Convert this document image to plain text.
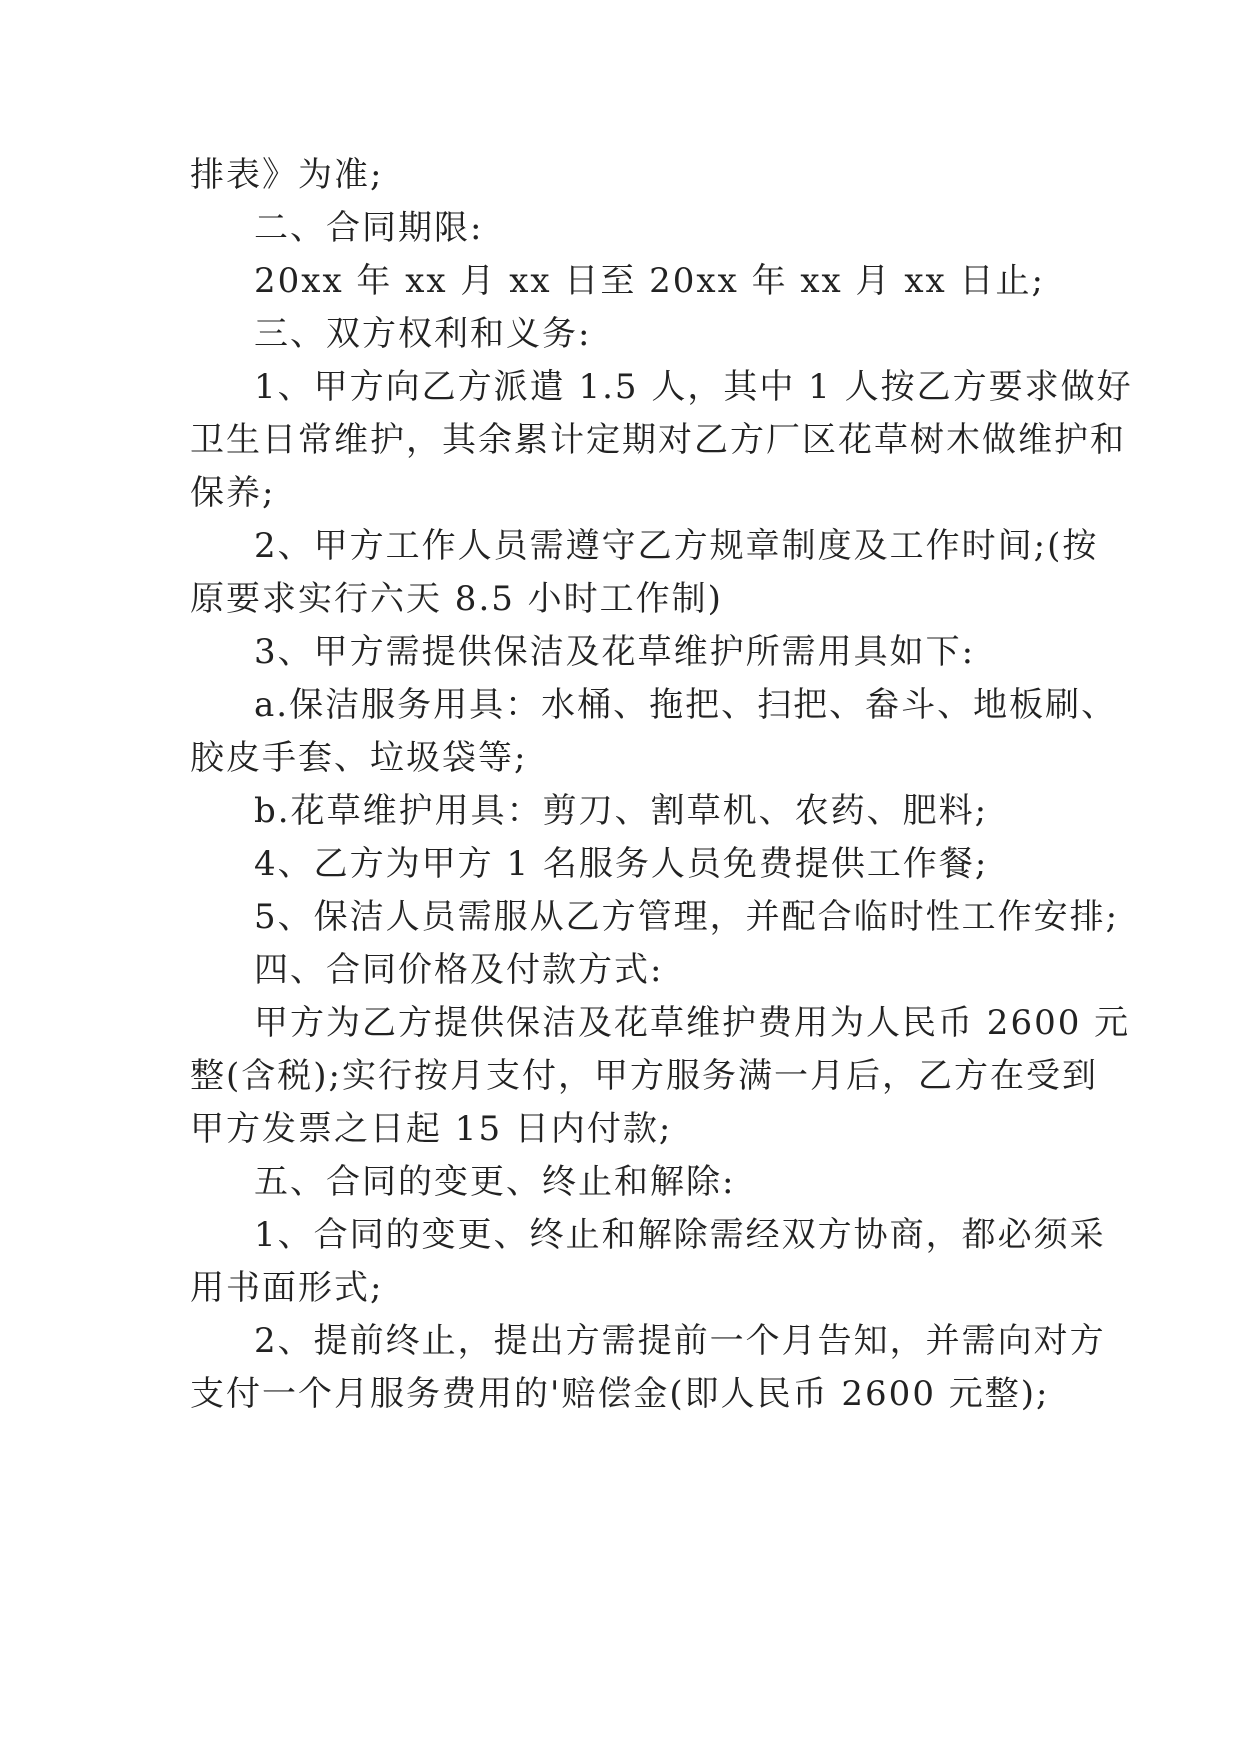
排表》为准;
二、合同期限:
20xx 年 xx 月 xx 日至 20xx 年 xx 月 xx 日止;
三、双方权利和义务:
1、甲方向乙方派遣 1.5 人，其中 1 人按乙方要求做好
卫生日常维护，其余累计定期对乙方厂区花草树木做维护和
保养;
2、甲方工作人员需遵守乙方规章制度及工作时间;(按
原要求实行六天 8.5 小时工作制)
3、甲方需提供保洁及花草维护所需用具如下:
a.保洁服务用具：水桶、拖把、扫把、畚斗、地板刷、
胶皮手套、垃圾袋等;
b.花草维护用具：剪刀、割草机、农药、肥料;
4、乙方为甲方 1 名服务人员免费提供工作餐;
5、保洁人员需服从乙方管理，并配合临时性工作安排;
四、合同价格及付款方式:
甲方为乙方提供保洁及花草维护费用为人民币 2600 元
整(含税);实行按月支付，甲方服务满一月后，乙方在受到
甲方发票之日起 15 日内付款;
五、合同的变更、终止和解除:
1、合同的变更、终止和解除需经双方协商，都必须采
用书面形式;
2、提前终止，提出方需提前一个月告知，并需向对方
支付一个月服务费用的'赔偿金(即人民币 2600 元整);
